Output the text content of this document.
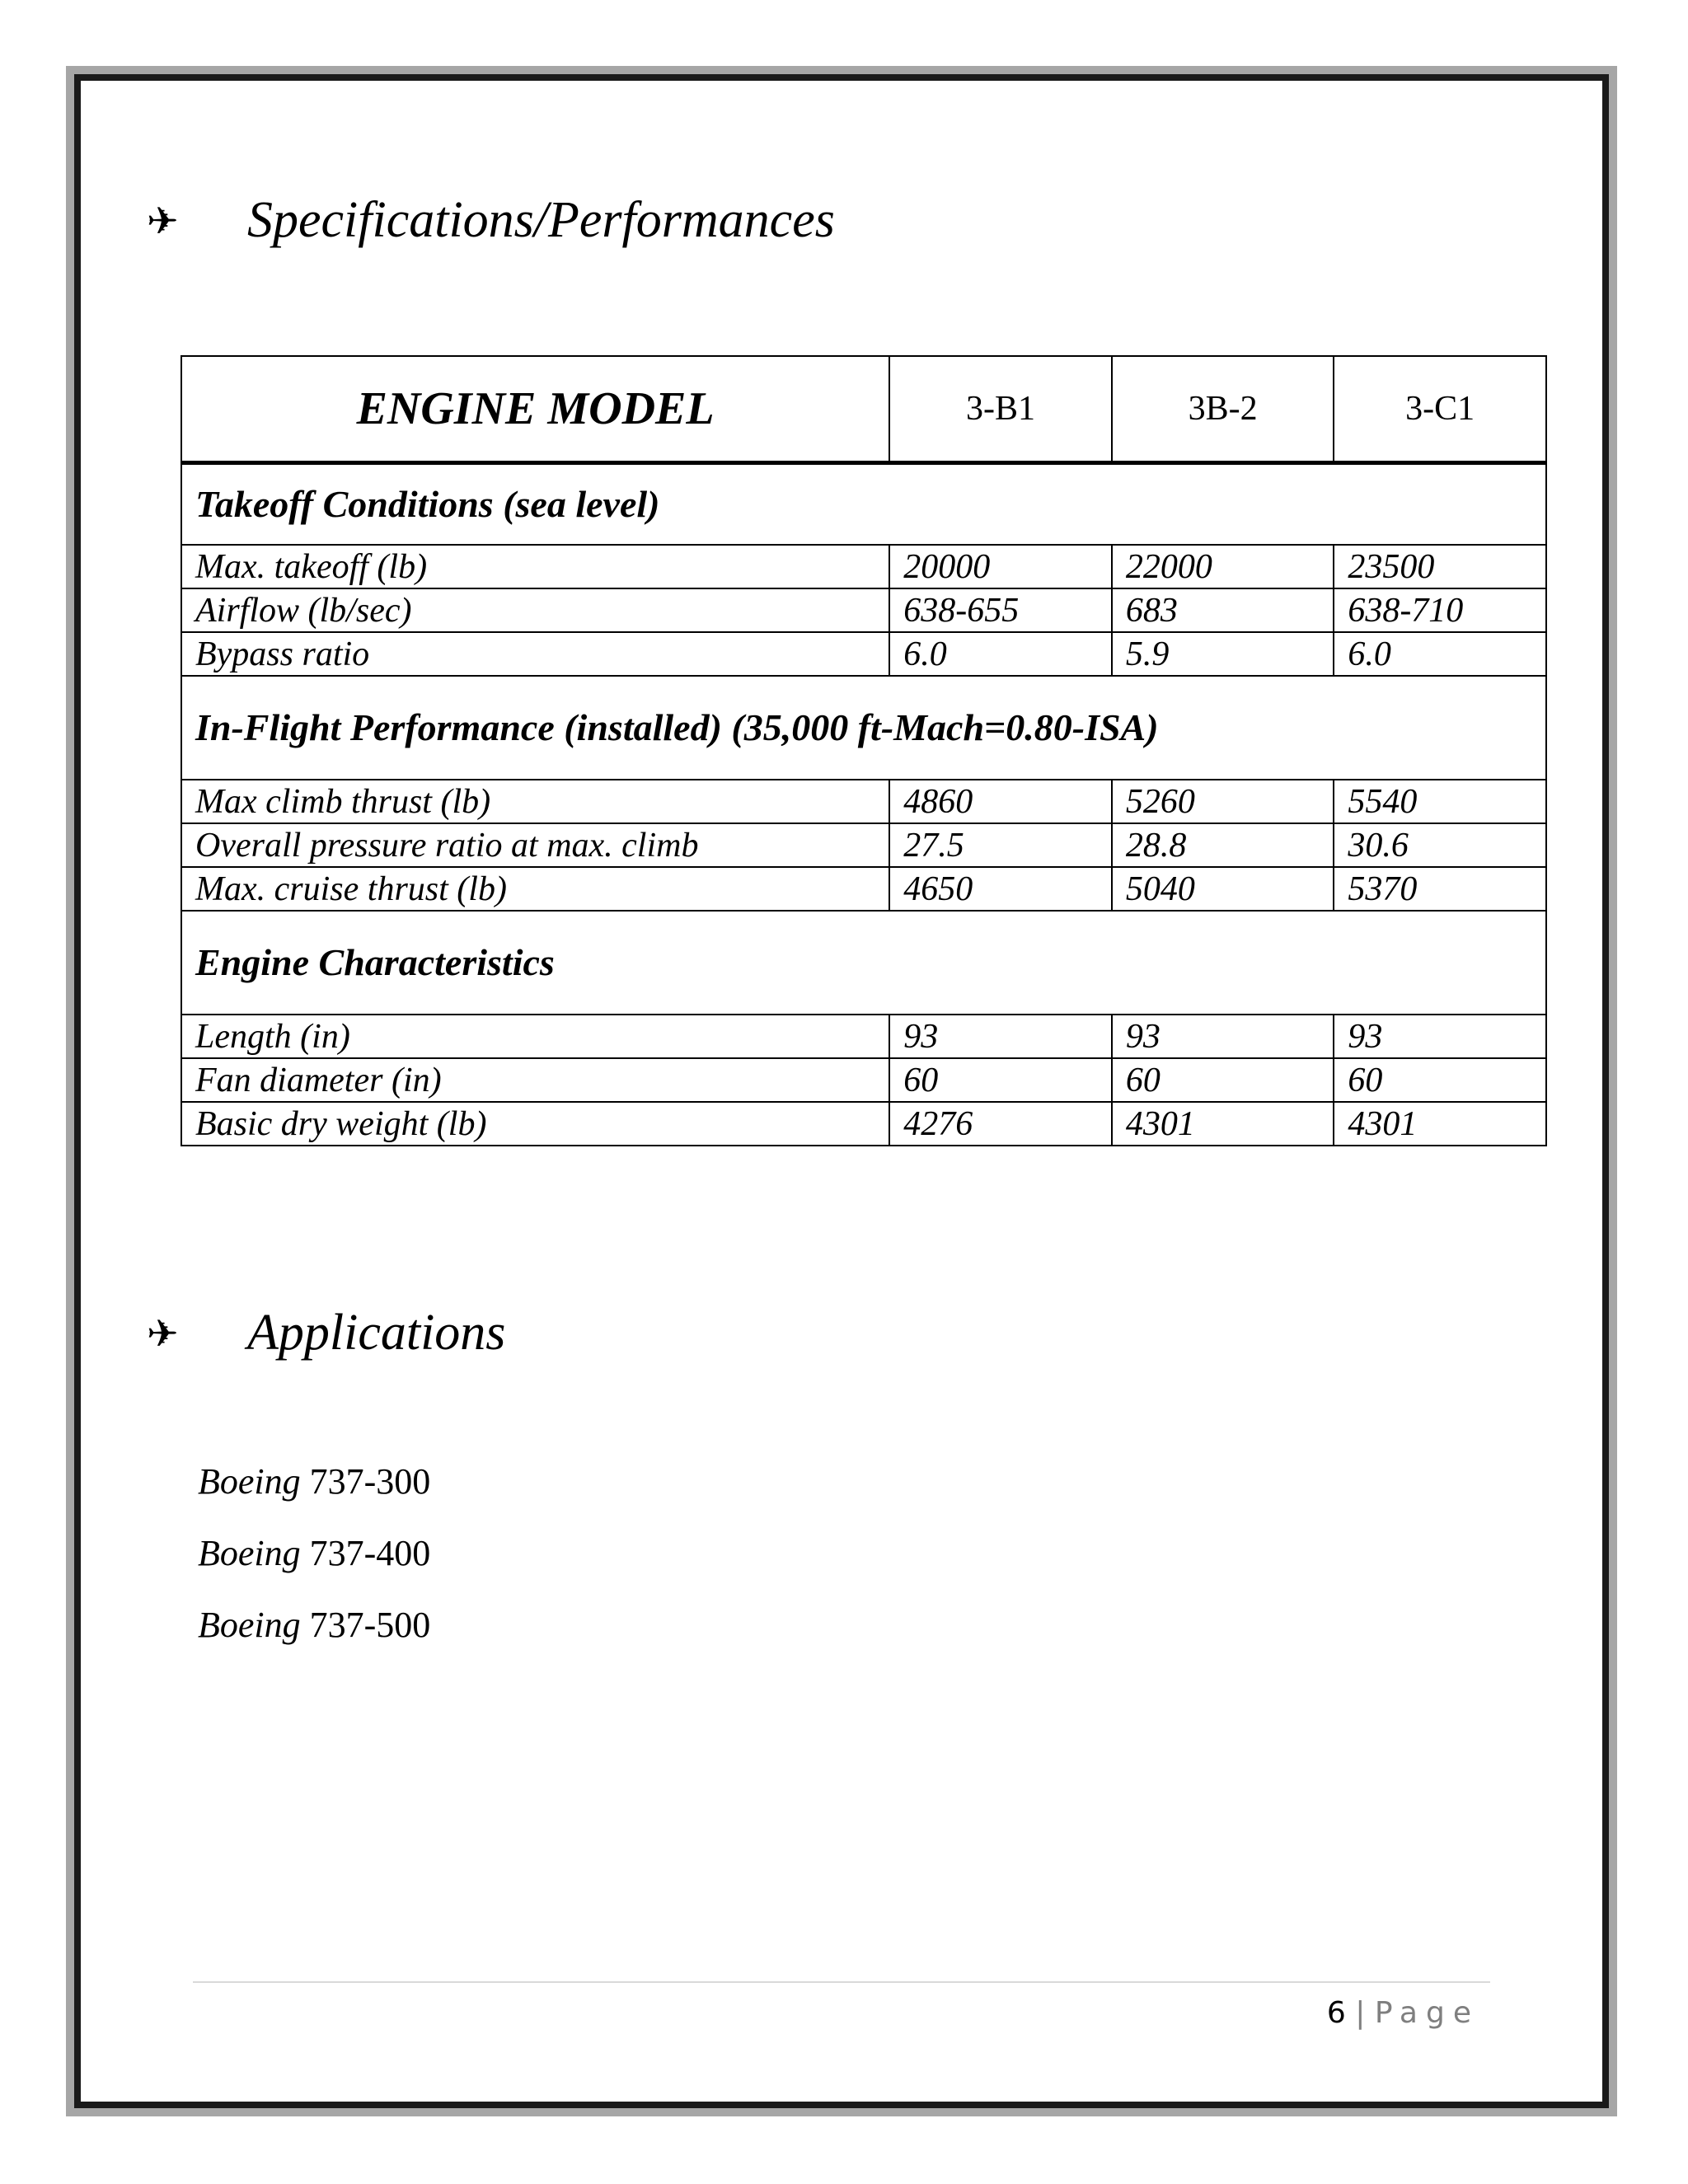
✈	Specifications/Performances
ENGINE MODEL	3-B1	3B-2	3-C1
Takeoff Conditions (sea level)			
Max. takeoff (lb)	20000	22000	23500
Airflow (lb/sec)	638-655	683	638-710
Bypass ratio	6.0	5.9	6.0
In-Flight Performance (installed) (35,000 ft-Mach=0.80-ISA)			
Max climb thrust (lb)	4860	5260	5540
Overall pressure ratio at max. climb	27.5	28.8	30.6
Max. cruise thrust (lb)	4650	5040	5370
Engine Characteristics			
Length (in)	93	93	93
Fan diameter (in)	60	60	60
Basic dry weight (lb)	4276	4301	4301
✈	Applications
Boeing 737-300
Boeing 737-400
Boeing 737-500
6 | Page
